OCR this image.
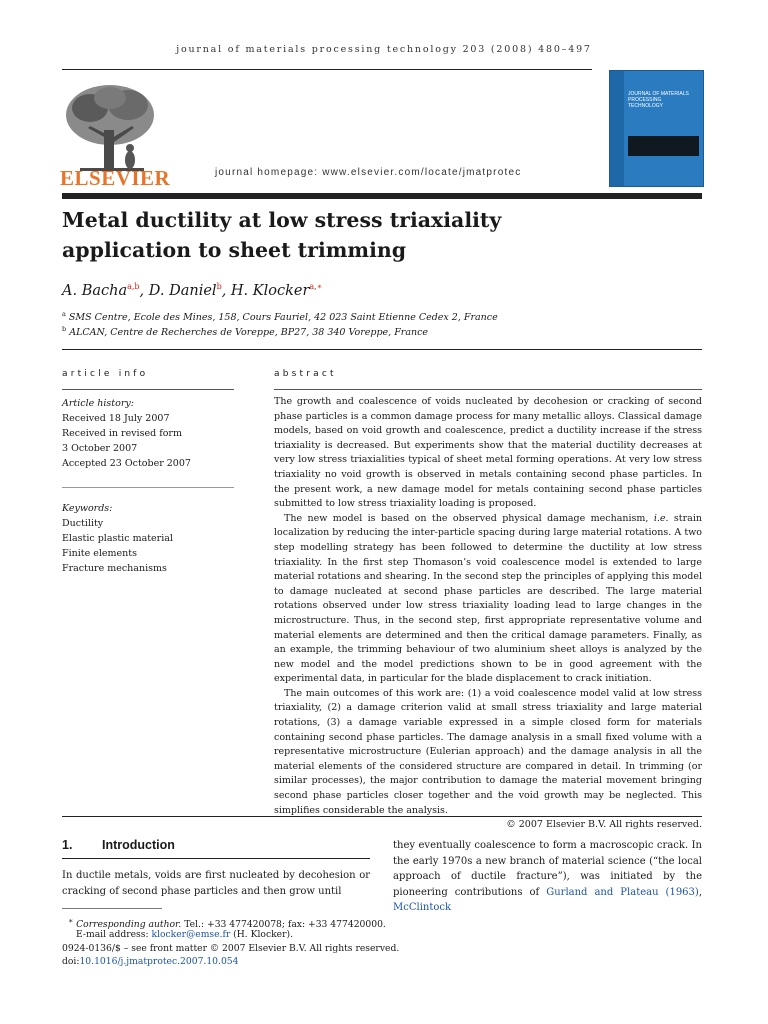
journal of materials processing technology 203 (2008) 480–497
ELSEVIER	journal homepage: www.elsevier.com/locate/jmatprotec
JOURNAL OF MATERIALS PROCESSING TECHNOLOGY
Metal ductility at low stress triaxiality application to sheet trimming
A. Bacha$^{a,b}$, D. Daniel$^b$, H. Klocker$^{a,∗}$
$^a$ SMS Centre, Ecole des Mines, 158, Cours Fauriel, 42 023 Saint Etienne Cedex 2, France
$^b$ ALCAN, Centre de Recherches de Voreppe, BP27, 38 340 Voreppe, France
article info	abstract
Article history:
Received 18 July 2007
Received in revised form
3 October 2007
Accepted 23 October 2007
Keywords:
Ductility
Elastic plastic material
Finite elements
Fracture mechanisms

The growth and coalescence of voids nucleated by decohesion or cracking of second phase particles is a common damage process for many metallic alloys. Classical damage models, based on void growth and coalescence, predict a ductility increase if the stress triaxiality is decreased. But experiments show that the material ductility decreases at very low stress triaxialities typical of sheet metal forming operations. At very low stress triaxiality no void growth is observed in metals containing second phase particles. In the present work, a new damage model for metals containing second phase particles submitted to low stress triaxiality loading is proposed.

The new model is based on the observed physical damage mechanism, i.e. strain localization by reducing the inter-particle spacing during large material rotations. A two step modelling strategy has been followed to determine the ductility at low stress triaxiality. In the first step Thomason’s void coalescence model is extended to large material rotations and shearing. In the second step the principles of applying this model to damage nucleated at second phase particles are described. The large material rotations observed under low stress triaxiality loading lead to large changes in the microstructure. Thus, in the second step, first appropriate representative volume and material elements are determined and then the critical damage parameters. Finally, as an example, the trimming behaviour of two aluminium sheet alloys is analyzed by the new model and the model predictions shown to be in good agreement with the experimental data, in particular for the blade displacement to crack initiation.

The main outcomes of this work are: (1) a void coalescence model valid at low stress triaxiality, (2) a damage criterion valid at small stress triaxiality and large material rotations, (3) a damage variable expressed in a simple closed form for materials containing second phase particles. The damage analysis in a small fixed volume with a representative microstructure (Eulerian approach) and the damage analysis in all the material elements of the considered structure are compared in detail. In trimming (or similar processes), the major contribution to damage the material movement bringing second phase particles closer together and the void growth may be neglected. This simplifies considerable the analysis.

© 2007 Elsevier B.V. All rights reserved.
1. Introduction

In ductile metals, voids are first nucleated by decohesion or cracking of second phase particles and then grow until

they eventually coalescence to form a macroscopic crack. In the early 1970s a new branch of material science (“the local approach of ductile fracture”), was initiated by the pioneering contributions of Gurland and Plateau (1963), McClintock

∗ Corresponding author. Tel.: +33 477420078; fax: +33 477420000.
E-mail address: klocker@emse.fr (H. Klocker).
0924-0136/$ – see front matter © 2007 Elsevier B.V. All rights reserved.
doi:10.1016/j.jmatprotec.2007.10.054
